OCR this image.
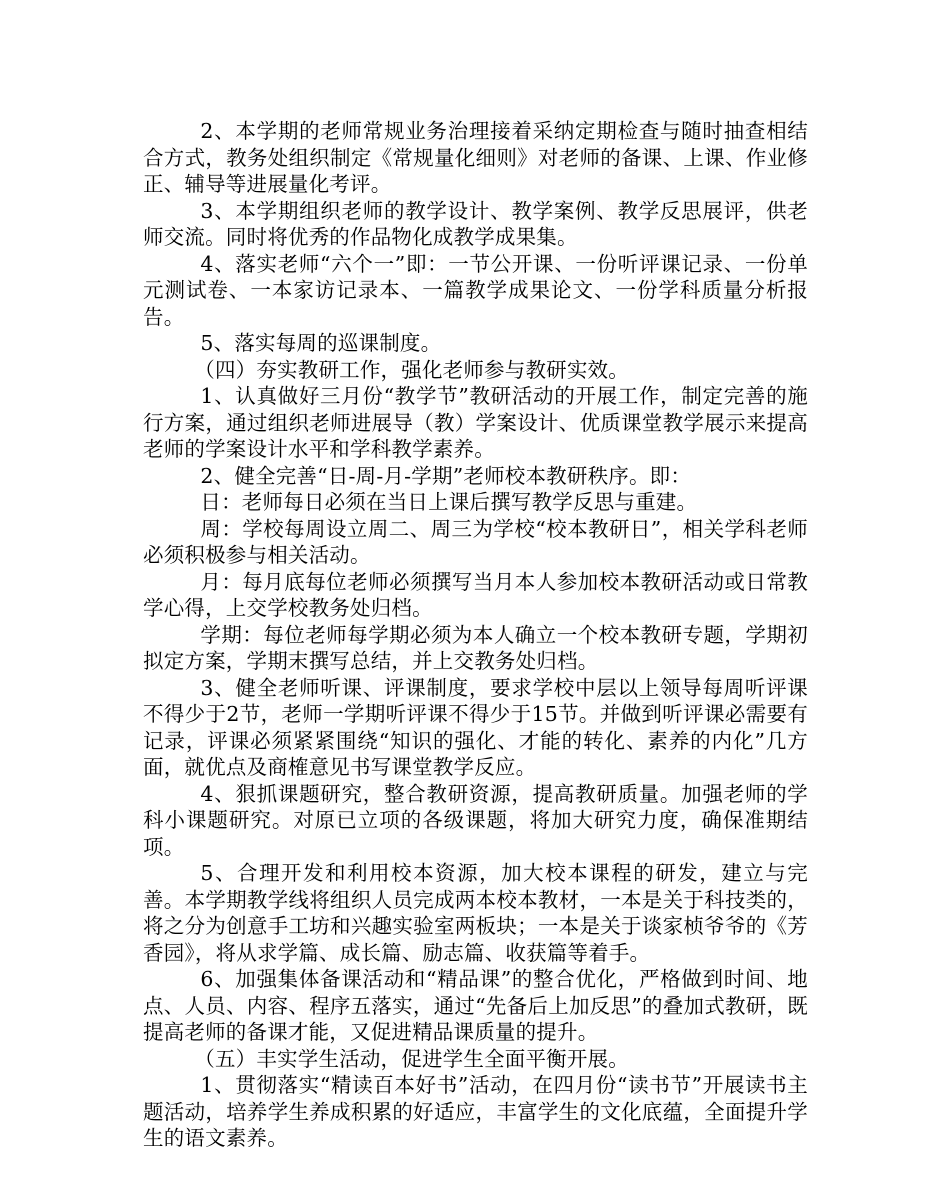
2、本学期的老师常规业务治理接着采纳定期检查与随时抽查相结合方式，教务处组织制定《常规量化细则》对老师的备课、上课、作业修正、辅导等进展量化考评。

3、本学期组织老师的教学设计、教学案例、教学反思展评，供老师交流。同时将优秀的作品物化成教学成果集。

4、落实老师“六个一”即：一节公开课、一份听评课记录、一份单元测试卷、一本家访记录本、一篇教学成果论文、一份学科质量分析报告。

5、落实每周的巡课制度。

（四）夯实教研工作，强化老师参与教研实效。

1、认真做好三月份“教学节”教研活动的开展工作，制定完善的施行方案，通过组织老师进展导（教）学案设计、优质课堂教学展示来提高老师的学案设计水平和学科教学素养。

2、健全完善“日-周-月-学期”老师校本教研秩序。即：

日：老师每日必须在当日上课后撰写教学反思与重建。

周：学校每周设立周二、周三为学校“校本教研日”，相关学科老师必须积极参与相关活动。

月：每月底每位老师必须撰写当月本人参加校本教研活动或日常教学心得，上交学校教务处归档。

学期：每位老师每学期必须为本人确立一个校本教研专题，学期初拟定方案，学期末撰写总结，并上交教务处归档。

3、健全老师听课、评课制度，要求学校中层以上领导每周听评课不得少于2节，老师一学期听评课不得少于15节。并做到听评课必需要有记录，评课必须紧紧围绕“知识的强化、才能的转化、素养的内化”几方面，就优点及商榷意见书写课堂教学反应。

4、狠抓课题研究，整合教研资源，提高教研质量。加强老师的学科小课题研究。对原已立项的各级课题，将加大研究力度，确保准期结项。

5、合理开发和利用校本资源，加大校本课程的研发，建立与完善。本学期教学线将组织人员完成两本校本教材，一本是关于科技类的，将之分为创意手工坊和兴趣实验室两板块；一本是关于谈家桢爷爷的《芳香园》，将从求学篇、成长篇、励志篇、收获篇等着手。

6、加强集体备课活动和“精品课”的整合优化，严格做到时间、地点、人员、内容、程序五落实，通过“先备后上加反思”的叠加式教研，既提高老师的备课才能，又促进精品课质量的提升。

（五）丰实学生活动，促进学生全面平衡开展。

1、贯彻落实“精读百本好书”活动，在四月份“读书节”开展读书主题活动，培养学生养成积累的好适应，丰富学生的文化底蕴，全面提升学生的语文素养。
